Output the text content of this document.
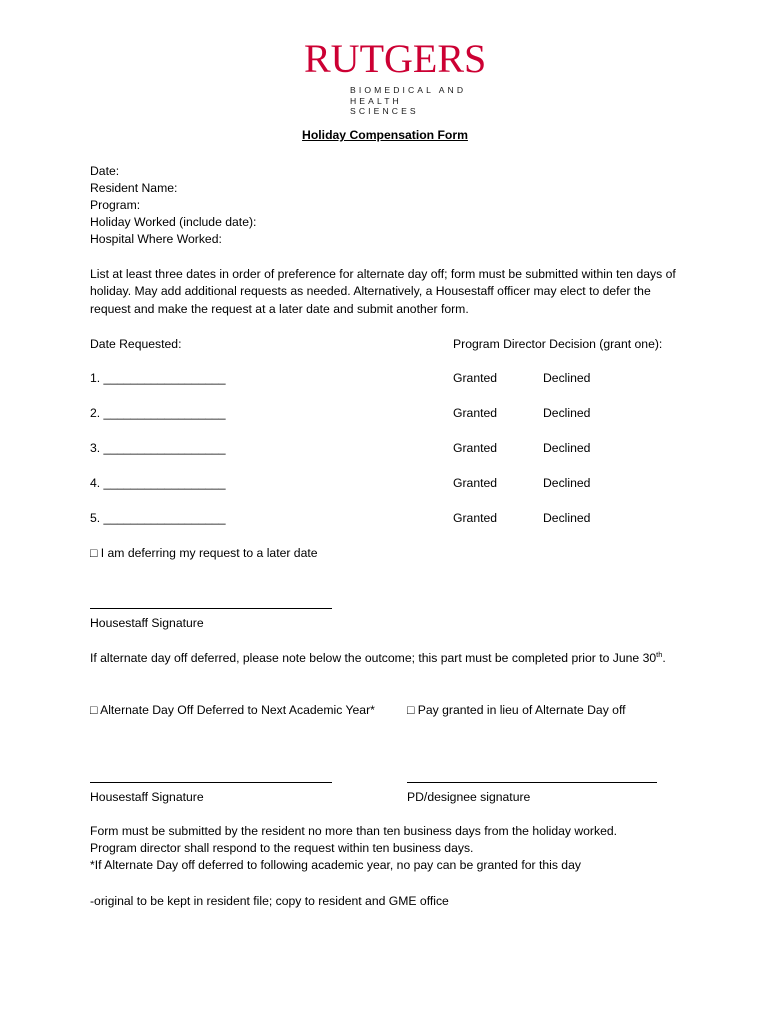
RUTGERS
BIOMEDICAL AND
HEALTH SCIENCES
Holiday Compensation Form
Date:
Resident Name:
Program:
Holiday Worked (include date):
Hospital Where Worked:
List at least three dates in order of preference for alternate day off; form must be submitted within ten days of holiday. May add additional requests as needed. Alternatively, a Housestaff officer may elect to defer the request and make the request at a later date and submit another form.
Date Requested:	Program Director Decision (grant one):
1. __________________	Granted	Declined
2. __________________	Granted	Declined
3. __________________	Granted	Declined
4. __________________	Granted	Declined
5. __________________	Granted	Declined
□ I am deferring my request to a later date
Housestaff Signature
If alternate day off deferred, please note below the outcome; this part must be completed prior to June 30th.
□ Alternate Day Off Deferred to Next Academic Year*	□ Pay granted in lieu of Alternate Day off
Housestaff Signature	PD/designee signature
Form must be submitted by the resident no more than ten business days from the holiday worked.
Program director shall respond to the request within ten business days.
*If Alternate Day off deferred to following academic year, no pay can be granted for this day
-original to be kept in resident file; copy to resident and GME office
